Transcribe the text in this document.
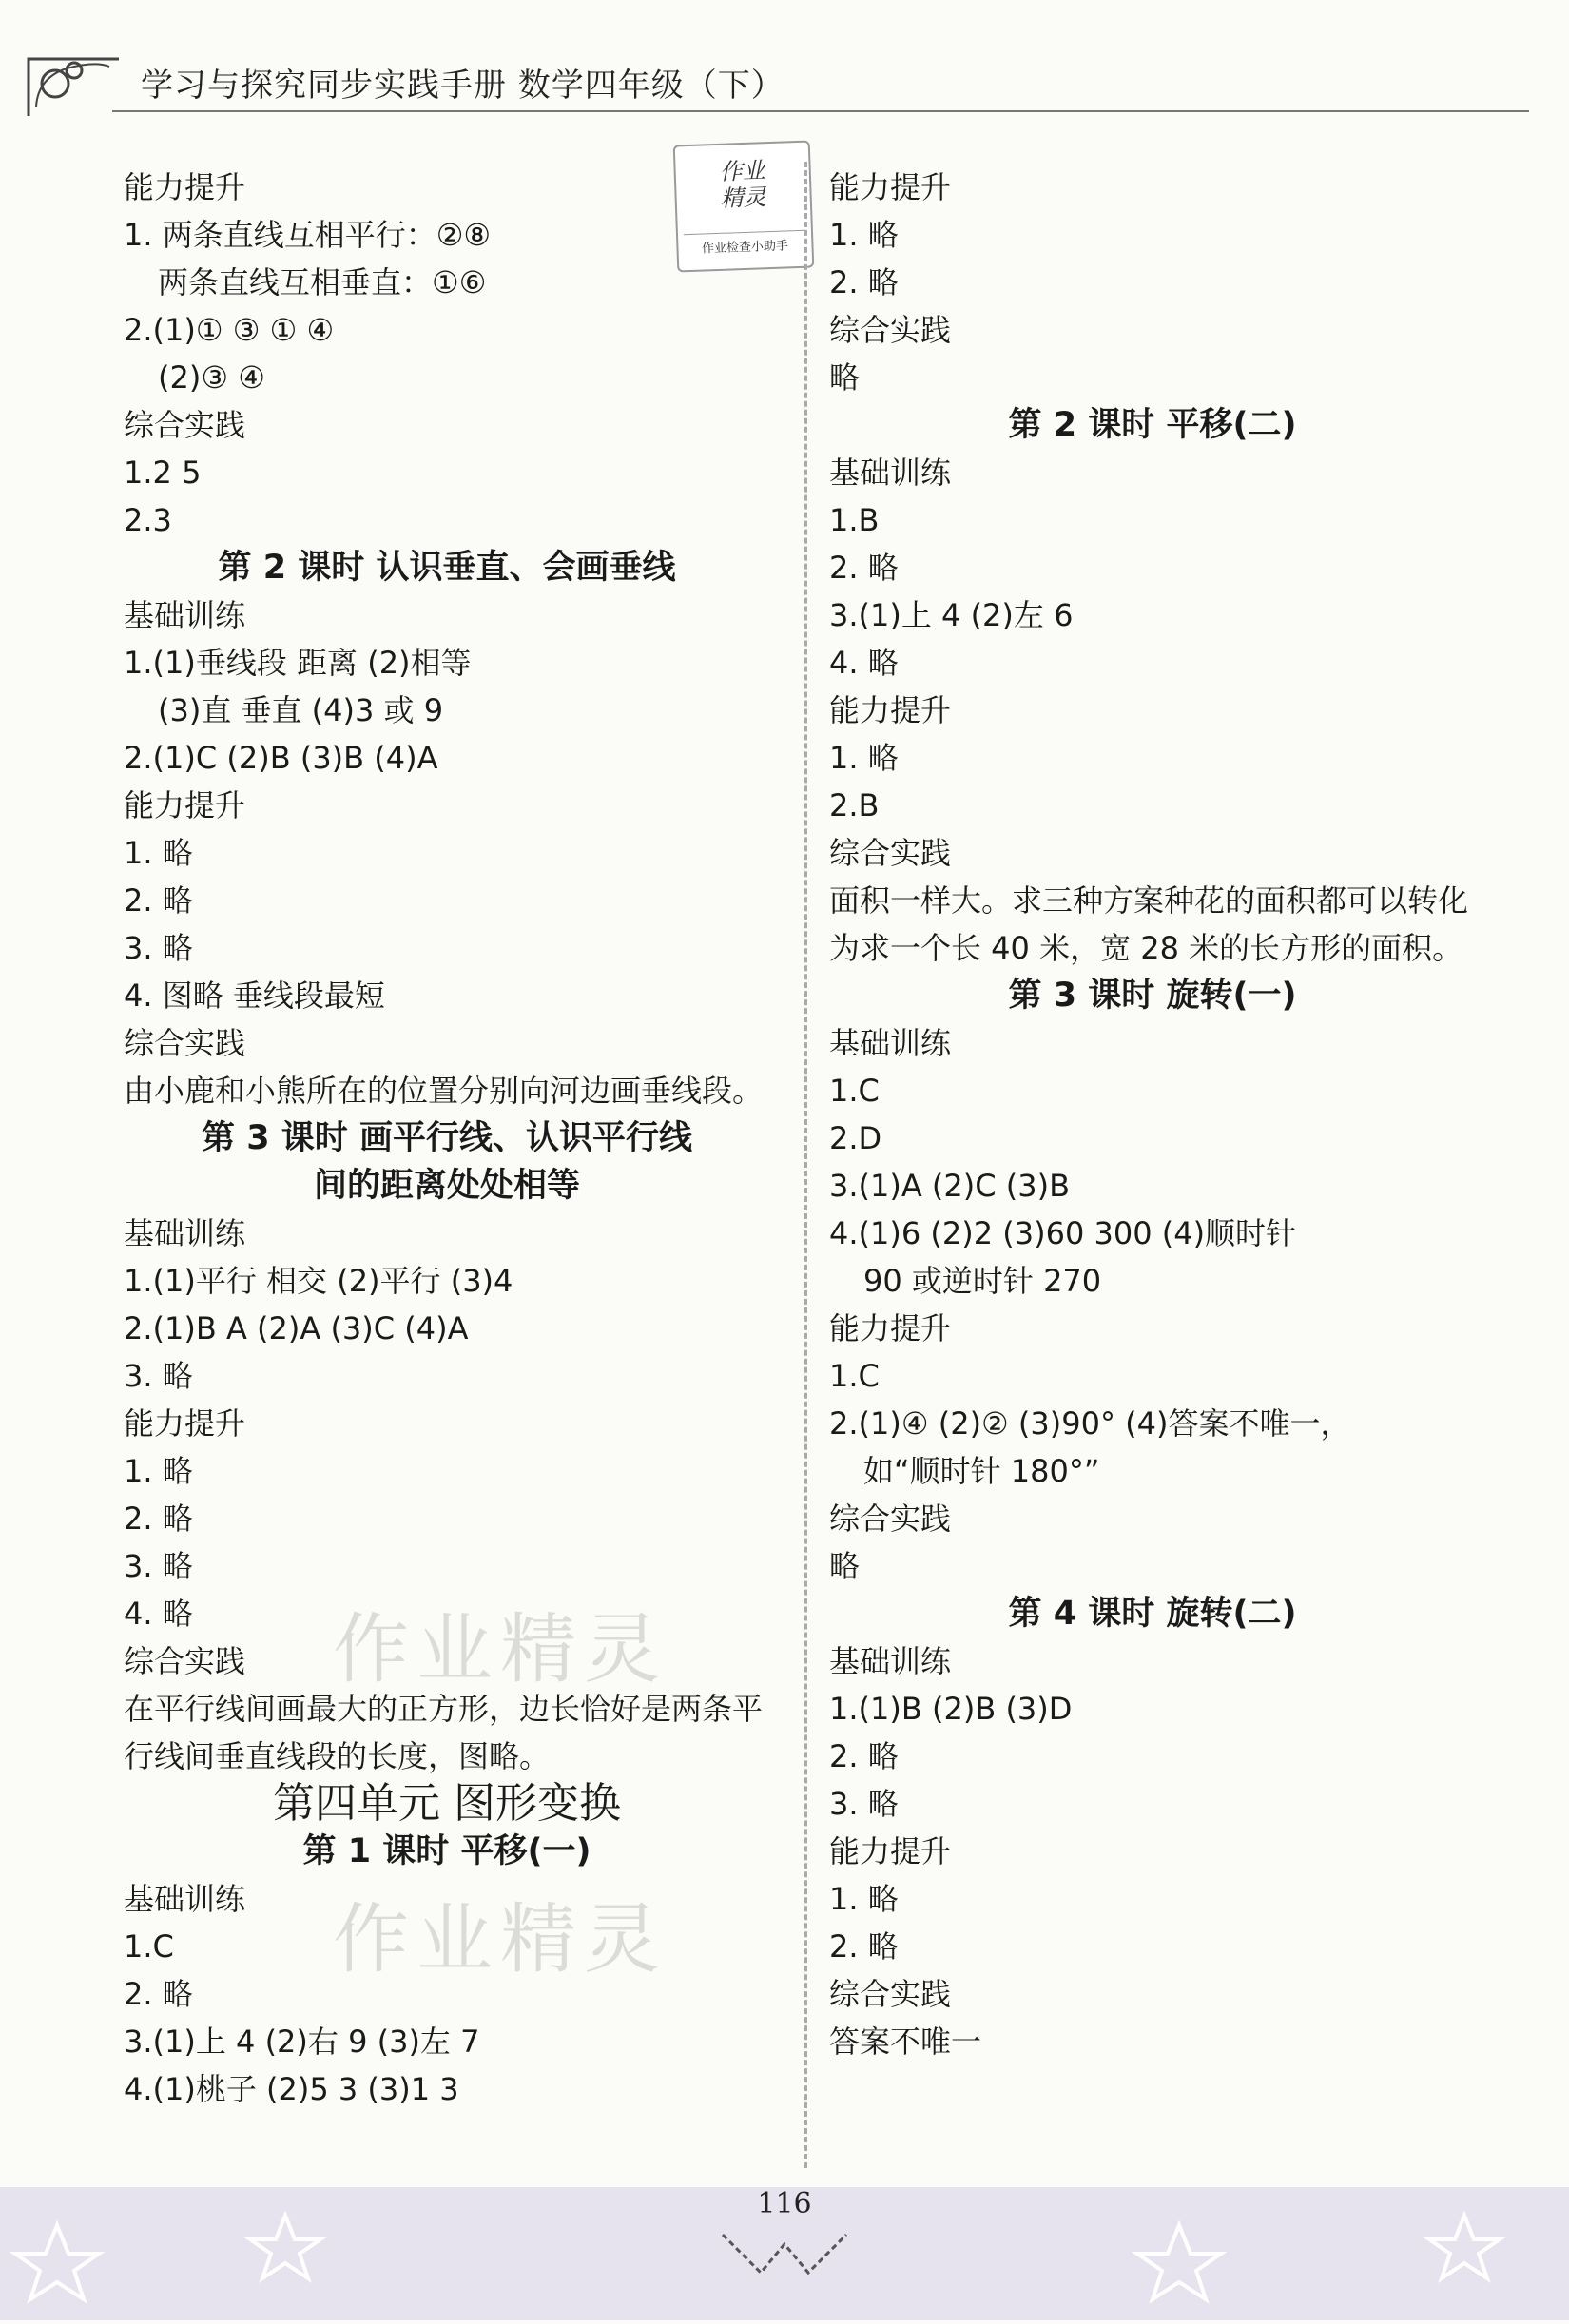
学习与探究同步实践手册 数学四年级（下）
作业
精灵
作业检查小助手
作业精灵
作业精灵
能力提升
1. 两条直线互相平行：②⑧
两条直线互相垂直：①⑥
2.(1)① ③ ① ④
(2)③ ④
综合实践
1.2 5
2.3
第 2 课时 认识垂直、会画垂线
基础训练
1.(1)垂线段 距离 (2)相等
(3)直 垂直 (4)3 或 9
2.(1)C (2)B (3)B (4)A
能力提升
1. 略
2. 略
3. 略
4. 图略 垂线段最短
综合实践
由小鹿和小熊所在的位置分别向河边画垂线段。
第 3 课时 画平行线、认识平行线
间的距离处处相等
基础训练
1.(1)平行 相交 (2)平行 (3)4
2.(1)B A (2)A (3)C (4)A
3. 略
能力提升
1. 略
2. 略
3. 略
4. 略
综合实践
在平行线间画最大的正方形，边长恰好是两条平行线间垂直线段的长度，图略。
第四单元 图形变换
第 1 课时 平移(一)
基础训练
1.C
2. 略
3.(1)上 4 (2)右 9 (3)左 7
4.(1)桃子 (2)5 3 (3)1 3
能力提升
1. 略
2. 略
综合实践
略
第 2 课时 平移(二)
基础训练
1.B
2. 略
3.(1)上 4 (2)左 6
4. 略
能力提升
1. 略
2.B
综合实践
面积一样大。求三种方案种花的面积都可以转化为求一个长 40 米，宽 28 米的长方形的面积。
第 3 课时 旋转(一)
基础训练
1.C
2.D
3.(1)A (2)C (3)B
4.(1)6 (2)2 (3)60 300 (4)顺时针
90 或逆时针 270
能力提升
1.C
2.(1)④ (2)② (3)90° (4)答案不唯一，
如“顺时针 180°”
综合实践
略
第 4 课时 旋转(二)
基础训练
1.(1)B (2)B (3)D
2. 略
3. 略
能力提升
1. 略
2. 略
综合实践
答案不唯一
116
